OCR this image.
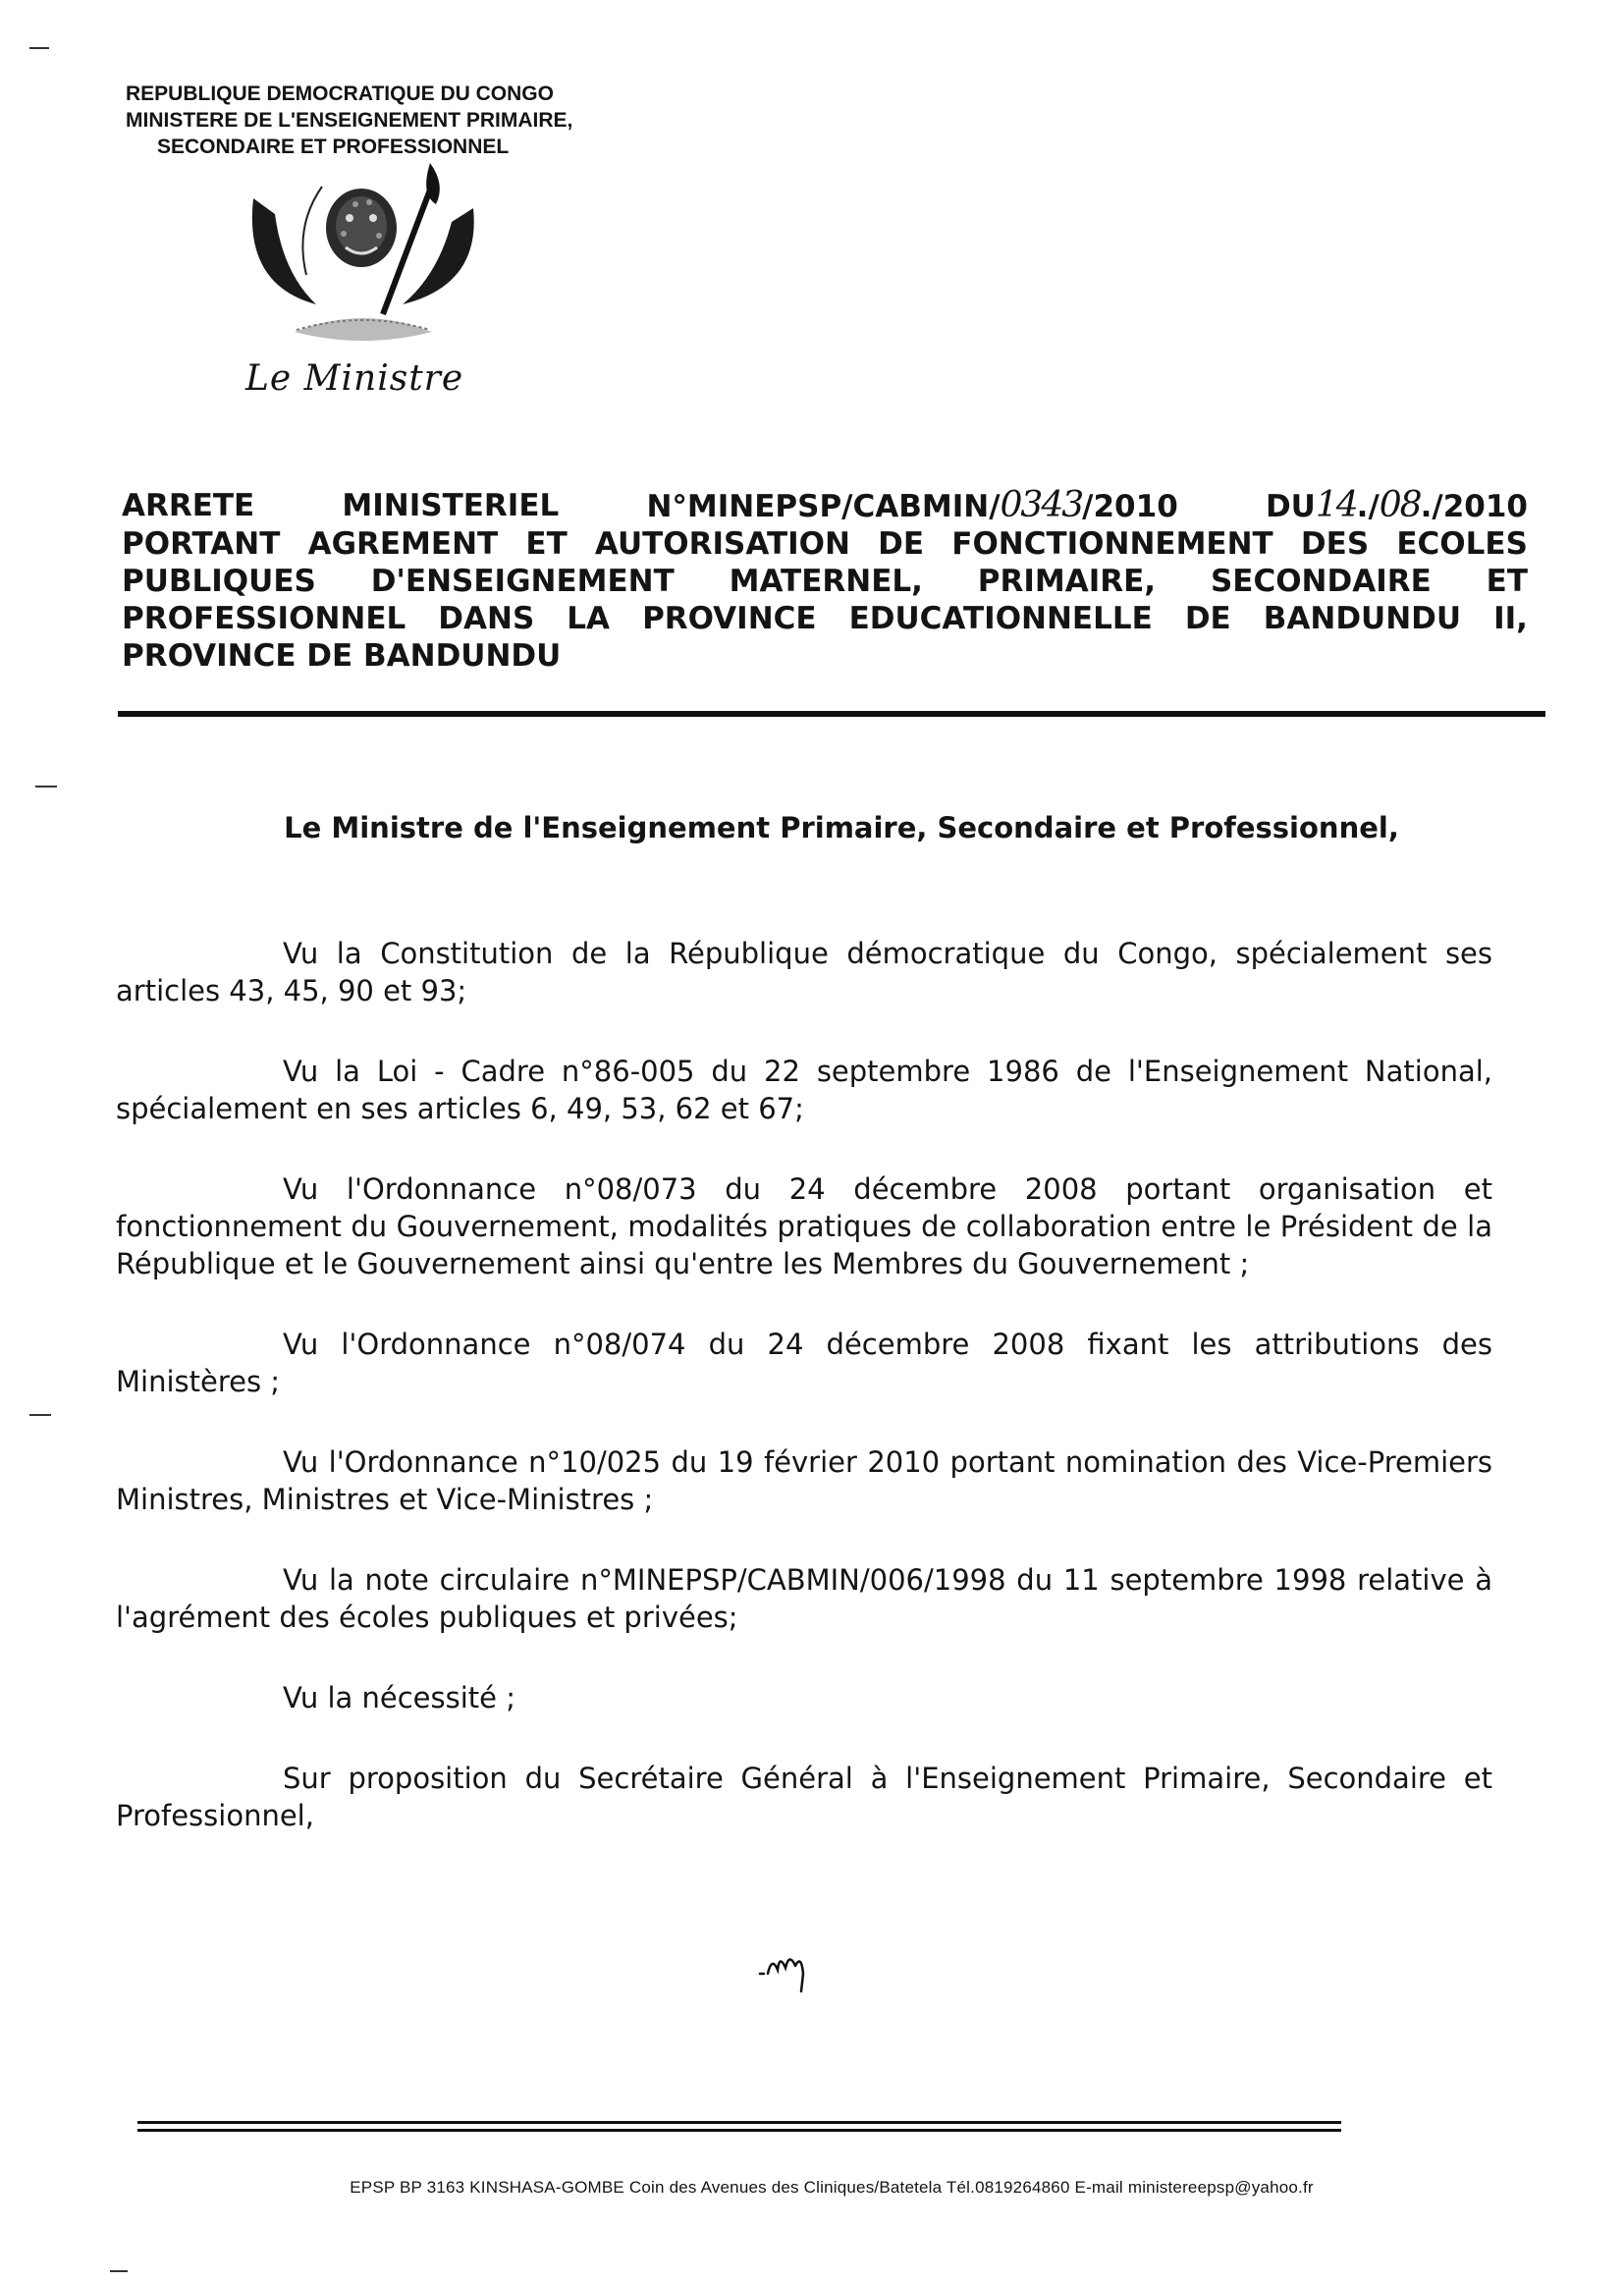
REPUBLIQUE DEMOCRATIQUE DU CONGO
MINISTERE DE L'ENSEIGNEMENT PRIMAIRE,
SECONDAIRE ET PROFESSIONNEL
Le Ministre
ARRETE	MINISTERIEL	N°MINEPSP/CABMIN/0343/2010	DU14./08./2010
PORTANT AGREMENT ET AUTORISATION DE FONCTIONNEMENT DES ECOLES
PUBLIQUES D'ENSEIGNEMENT MATERNEL, PRIMAIRE, SECONDAIRE ET
PROFESSIONNEL DANS LA PROVINCE EDUCATIONNELLE DE BANDUNDU II,
PROVINCE DE BANDUNDU
Le Ministre de l'Enseignement Primaire, Secondaire et Professionnel,

Vu la Constitution de la République démocratique du Congo, spécialement ses articles 43, 45, 90 et 93;

Vu la Loi - Cadre n°86-005 du 22 septembre 1986 de l'Enseignement National, spécialement en ses articles 6, 49, 53, 62 et 67;

Vu l'Ordonnance n°08/073 du 24 décembre 2008 portant organisation et fonctionnement du Gouvernement, modalités pratiques de collaboration entre le Président de la République et le Gouvernement ainsi qu'entre les Membres du Gouvernement ;

Vu l'Ordonnance n°08/074 du 24 décembre 2008 fixant les attributions des Ministères ;

Vu l'Ordonnance n°10/025 du 19 février 2010 portant nomination des Vice-Premiers Ministres, Ministres et Vice-Ministres ;

Vu la note circulaire n°MINEPSP/CABMIN/006/1998 du 11 septembre 1998 relative à l'agrément des écoles publiques et privées;

Vu la nécessité ;

Sur proposition du Secrétaire Général à l'Enseignement Primaire, Secondaire et Professionnel,

EPSP BP 3163 KINSHASA-GOMBE Coin des Avenues des Cliniques/Batetela Tél.0819264860 E-mail ministereepsp@yahoo.fr
